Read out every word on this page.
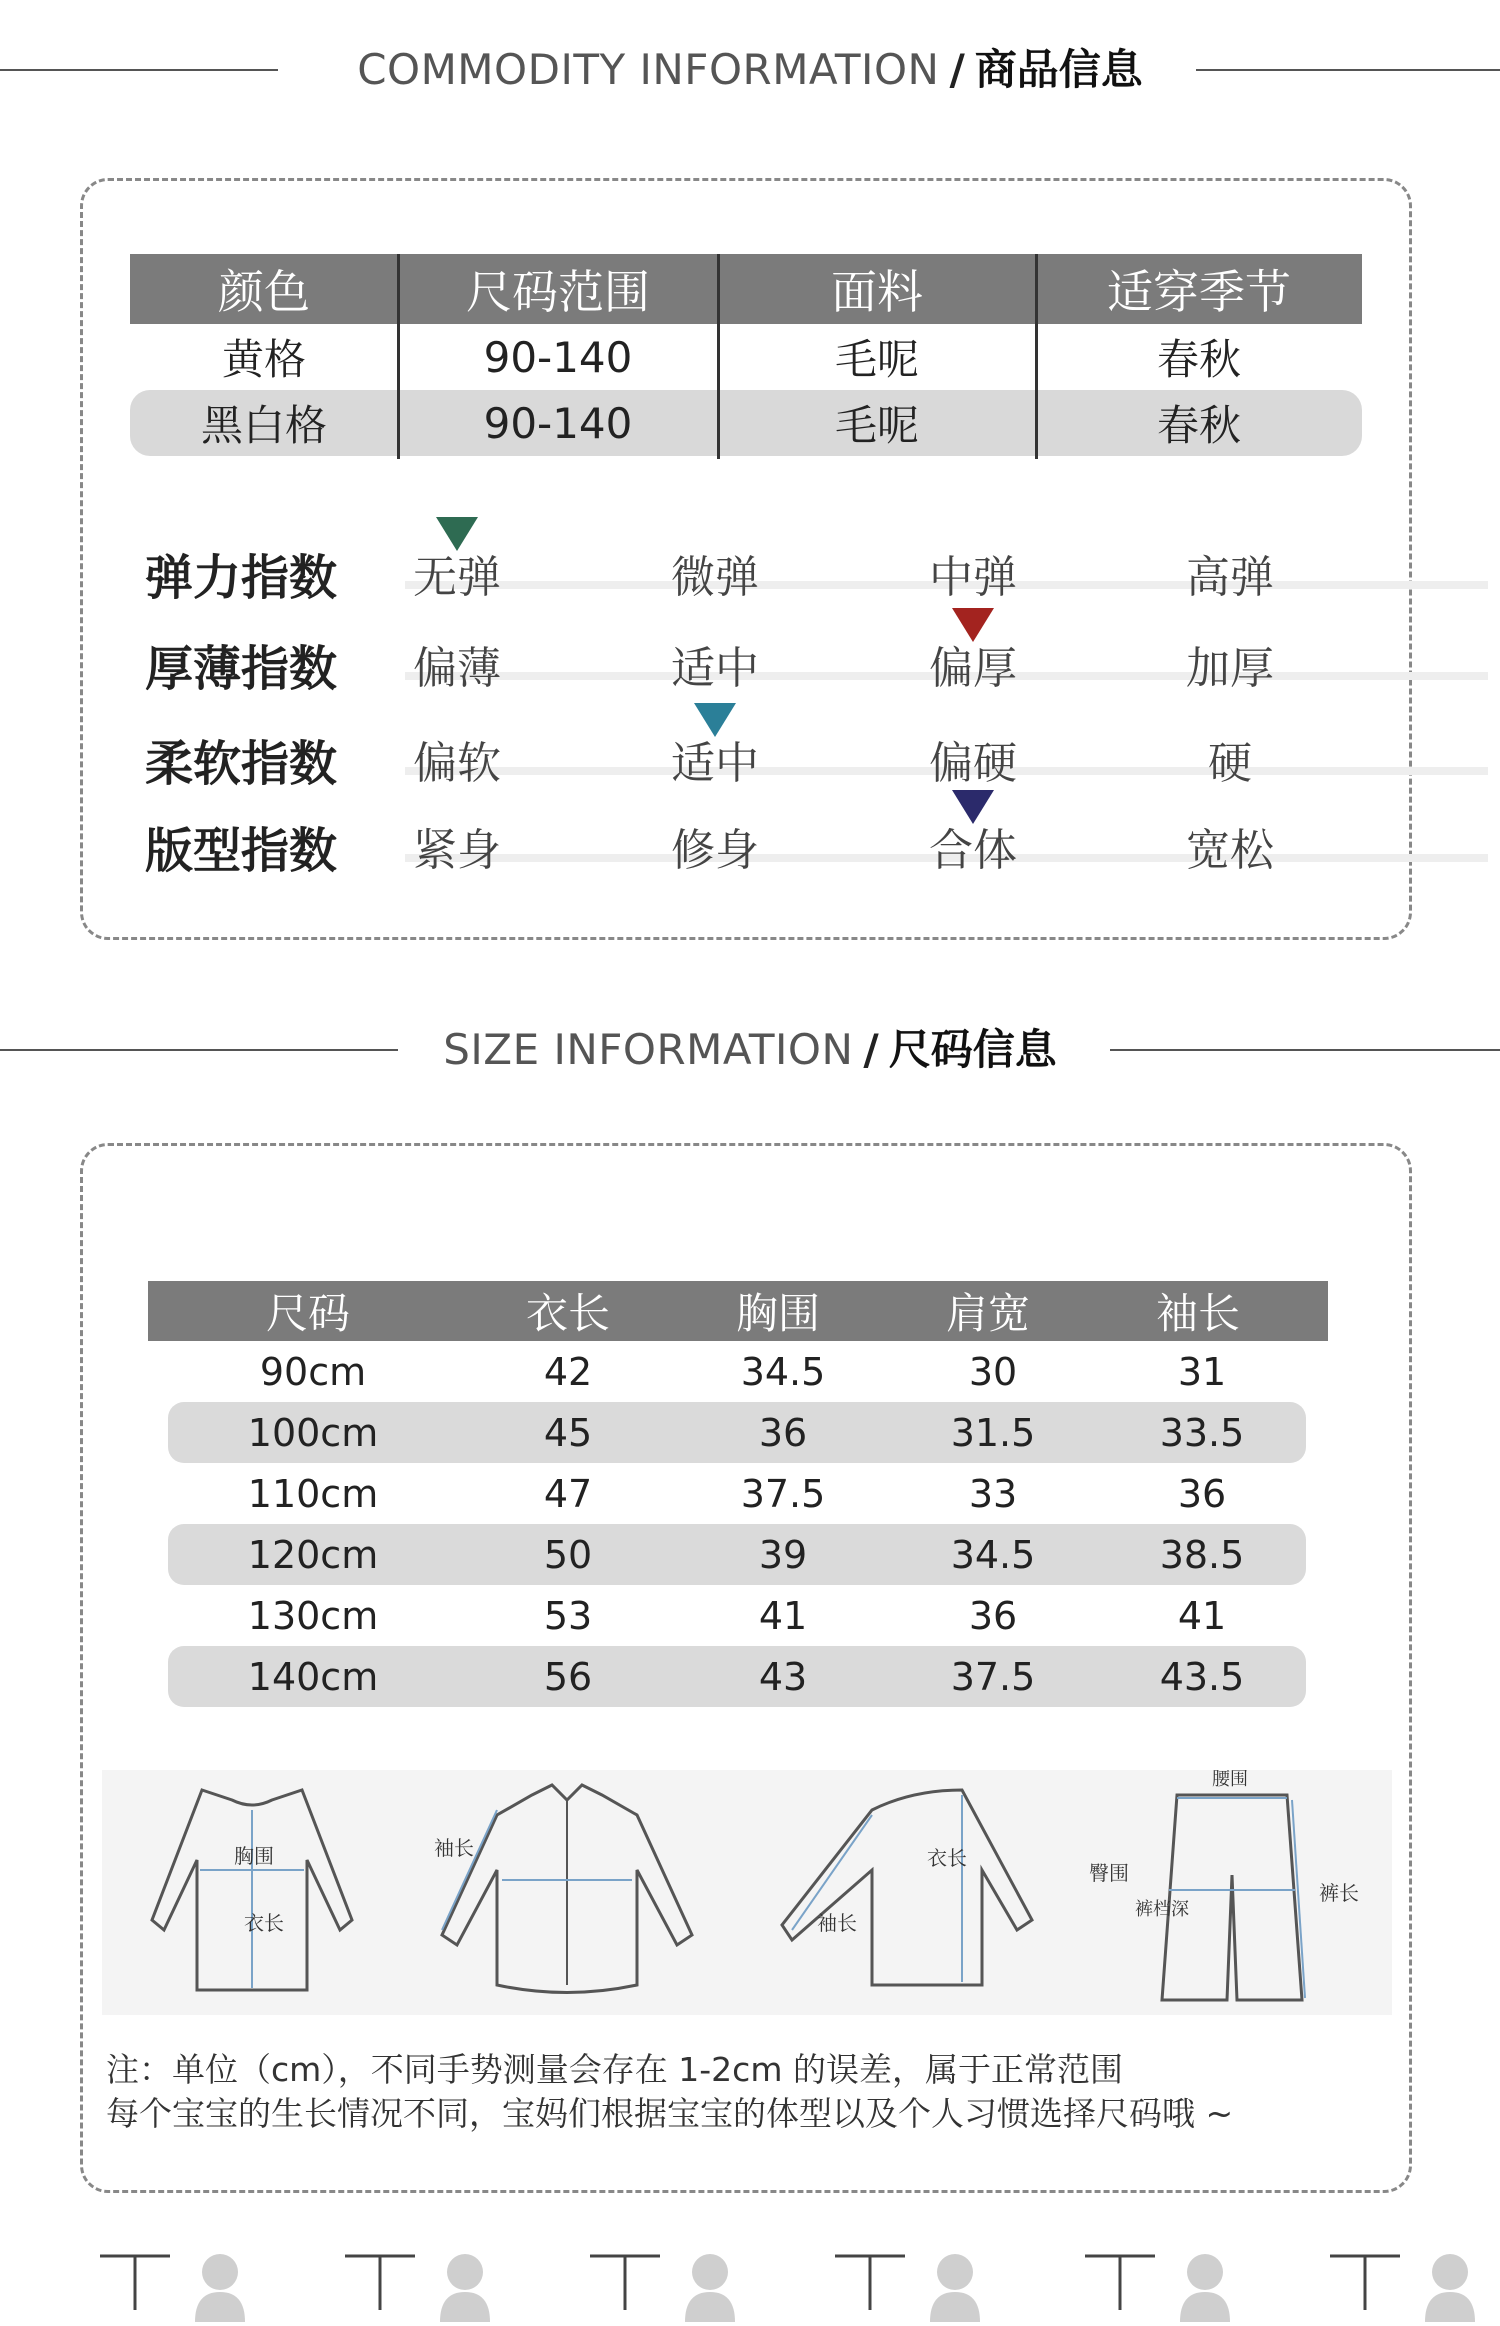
COMMODITY INFORMATION / 商品信息
颜色	尺码范围	面料	适穿季节
黄格	90-140	毛呢	春秋
黑白格	90-140	毛呢	春秋
弹力指数	无弹	微弹	中弹	高弹
厚薄指数	偏薄	适中	偏厚	加厚
柔软指数	偏软	适中	偏硬	硬
版型指数	紧身	修身	合体	宽松
SIZE INFORMATION / 尺码信息
尺码	衣长	胸围	肩宽	袖长
90cm	42	34.5	30	31
100cm	45	36	31.5	33.5
110cm	47	37.5	33	36
120cm	50	39	34.5	38.5
130cm	53	41	36	41
140cm	56	43	37.5	43.5
胸围
衣长
袖长	衣长
袖长
腰围
臀围
裤档深
裤长
注：单位（cm），不同手势测量会存在 1-2cm 的误差，属于正常范围
每个宝宝的生长情况不同，宝妈们根据宝宝的体型以及个人习惯选择尺码哦 ~
